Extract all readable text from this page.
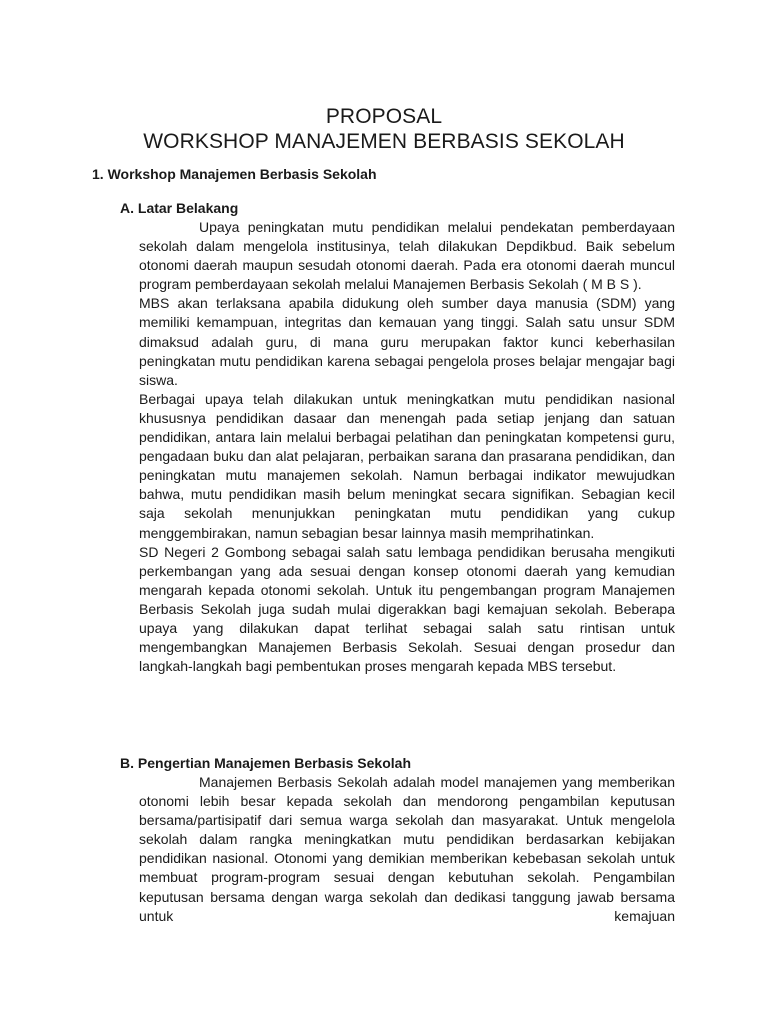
PROPOSAL
WORKSHOP MANAJEMEN BERBASIS SEKOLAH
1. Workshop Manajemen Berbasis Sekolah
A. Latar Belakang

Upaya peningkatan mutu pendidikan melalui pendekatan pemberdayaan sekolah dalam mengelola institusinya, telah dilakukan Depdikbud. Baik sebelum otonomi daerah maupun sesudah otonomi daerah. Pada era otonomi daerah muncul program pemberdayaan sekolah melalui Manajemen Berbasis Sekolah ( M B S ).

MBS akan terlaksana apabila didukung oleh sumber daya manusia (SDM) yang memiliki kemampuan, integritas dan kemauan yang tinggi. Salah satu unsur SDM dimaksud adalah guru, di mana guru merupakan faktor kunci keberhasilan peningkatan mutu pendidikan karena sebagai pengelola proses belajar mengajar bagi siswa.

Berbagai upaya telah dilakukan untuk meningkatkan mutu pendidikan nasional khususnya pendidikan dasaar dan menengah pada setiap jenjang dan satuan pendidikan, antara lain melalui berbagai pelatihan dan peningkatan kompetensi guru, pengadaan buku dan alat pelajaran, perbaikan sarana dan prasarana pendidikan, dan peningkatan mutu manajemen sekolah. Namun berbagai indikator mewujudkan bahwa, mutu pendidikan masih belum meningkat secara signifikan. Sebagian kecil saja sekolah menunjukkan peningkatan mutu pendidikan yang cukup menggembirakan, namun sebagian besar lainnya masih memprihatinkan.

SD Negeri 2 Gombong sebagai salah satu lembaga pendidikan berusaha mengikuti perkembangan yang ada sesuai dengan konsep otonomi daerah yang kemudian mengarah kepada otonomi sekolah. Untuk itu pengembangan program Manajemen Berbasis Sekolah juga sudah mulai digerakkan bagi kemajuan sekolah. Beberapa upaya yang dilakukan dapat terlihat sebagai salah satu rintisan untuk mengembangkan Manajemen Berbasis Sekolah. Sesuai dengan prosedur dan langkah-langkah bagi pembentukan proses mengarah kepada MBS tersebut.

B. Pengertian Manajemen Berbasis Sekolah

Manajemen Berbasis Sekolah adalah model manajemen yang memberikan otonomi lebih besar kepada sekolah dan mendorong pengambilan keputusan bersama/partisipatif dari semua warga sekolah dan masyarakat. Untuk mengelola sekolah dalam rangka meningkatkan mutu pendidikan berdasarkan kebijakan pendidikan nasional. Otonomi yang demikian memberikan kebebasan sekolah untuk membuat program-program sesuai dengan kebutuhan sekolah. Pengambilan keputusan bersama dengan warga sekolah dan dedikasi tanggung jawab bersama untuk kemajuan
